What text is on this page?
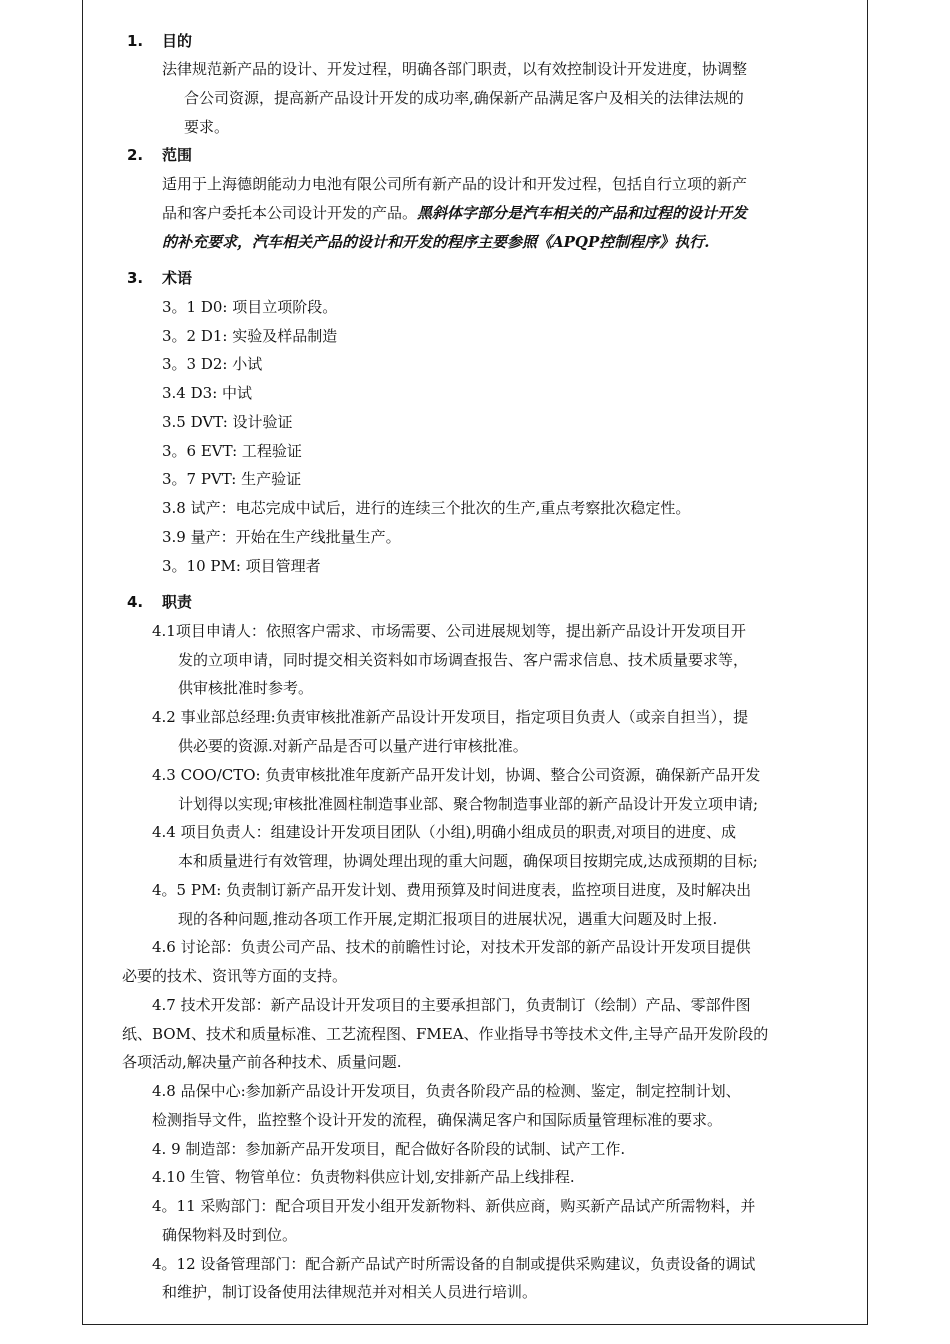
1. 目的
法律规范新产品的设计、开发过程，明确各部门职责，以有效控制设计开发进度，协调整
合公司资源，提高新产品设计开发的成功率,确保新产品满足客户及相关的法律法规的
要求。
2. 范围
适用于上海德朗能动力电池有限公司所有新产品的设计和开发过程，包括自行立项的新产
品和客户委托本公司设计开发的产品。黑斜体字部分是汽车相关的产品和过程的设计开发
的补充要求，汽车相关产品的设计和开发的程序主要参照《APQP控制程序》执行.
3. 术语
3。1 D0: 项目立项阶段。
3。2 D1: 实验及样品制造
3。3 D2: 小试
3.4 D3: 中试
3.5 DVT: 设计验证
3。6 EVT: 工程验证
3。7 PVT: 生产验证
3.8 试产：电芯完成中试后，进行的连续三个批次的生产,重点考察批次稳定性。
3.9 量产：开始在生产线批量生产。
3。10 PM: 项目管理者
4. 职责
4.1项目申请人：依照客户需求、市场需要、公司进展规划等，提出新产品设计开发项目开
发的立项申请，同时提交相关资料如市场调查报告、客户需求信息、技术质量要求等，
供审核批准时参考。
4.2 事业部总经理:负责审核批准新产品设计开发项目，指定项目负责人（或亲自担当），提
供必要的资源.对新产品是否可以量产进行审核批准。
4.3 COO/CTO: 负责审核批准年度新产品开发计划，协调、整合公司资源，确保新产品开发
计划得以实现;审核批准圆柱制造事业部、聚合物制造事业部的新产品设计开发立项申请;
4.4 项目负责人：组建设计开发项目团队（小组),明确小组成员的职责,对项目的进度、成
本和质量进行有效管理，协调处理出现的重大问题，确保项目按期完成,达成预期的目标;
4。5 PM: 负责制订新产品开发计划、费用预算及时间进度表，监控项目进度，及时解决出
现的各种问题,推动各项工作开展,定期汇报项目的进展状况，遇重大问题及时上报.
4.6 讨论部：负责公司产品、技术的前瞻性讨论，对技术开发部的新产品设计开发项目提供
必要的技术、资讯等方面的支持。
4.7 技术开发部：新产品设计开发项目的主要承担部门，负责制订（绘制）产品、零部件图
纸、BOM、技术和质量标准、工艺流程图、FMEA、作业指导书等技术文件,主导产品开发阶段的
各项活动,解决量产前各种技术、质量问题.
4.8 品保中心:参加新产品设计开发项目，负责各阶段产品的检测、鉴定，制定控制计划、
检测指导文件，监控整个设计开发的流程，确保满足客户和国际质量管理标准的要求。
4. 9 制造部：参加新产品开发项目，配合做好各阶段的试制、试产工作.
4.10 生管、物管单位：负责物料供应计划,安排新产品上线排程.
4。11 采购部门：配合项目开发小组开发新物料、新供应商，购买新产品试产所需物料，并
确保物料及时到位。
4。12 设备管理部门：配合新产品试产时所需设备的自制或提供采购建议，负责设备的调试
和维护，制订设备使用法律规范并对相关人员进行培训。
